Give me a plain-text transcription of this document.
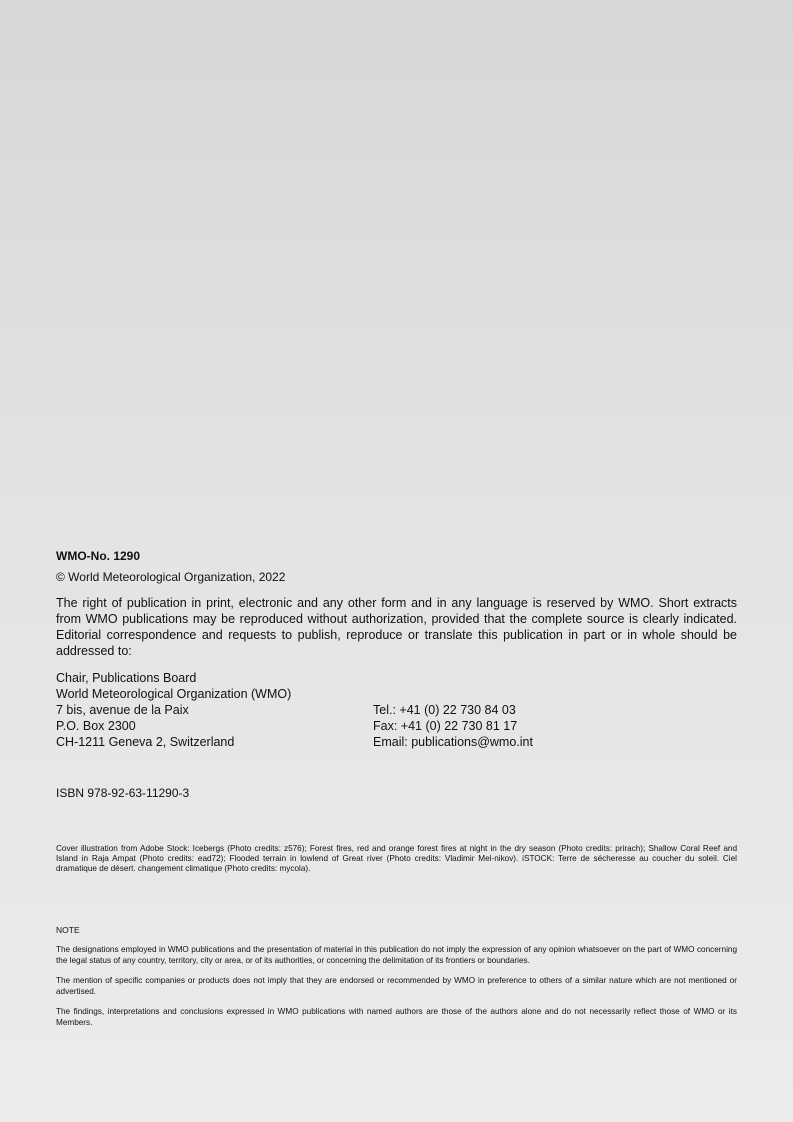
WMO-No. 1290

© World Meteorological Organization, 2022

The right of publication in print, electronic and any other form and in any language is reserved by WMO. Short extracts from WMO publications may be reproduced without authorization, provided that the complete source is clearly indicated. Editorial correspondence and requests to publish, reproduce or translate this publication in part or in whole should be addressed to:

Chair, Publications Board
World Meteorological Organization (WMO)
7 bis, avenue de la Paix	Tel.: +41 (0) 22 730 84 03
P.O. Box 2300	Fax: +41 (0) 22 730 81 17
CH-1211 Geneva 2, Switzerland	Email: publications@wmo.int

ISBN 978-92-63-11290-3

Cover illustration from Adobe Stock: Icebergs (Photo credits: z576); Forest fires, red and orange forest fires at night in the dry season (Photo credits: prirach); Shallow Coral Reef and Island in Raja Ampat (Photo credits: ead72); Flooded terrain in lowlend of Great river (Photo credits: Vladimir Mel-nikov). iSTOCK: Terre de sécheresse au coucher du soleil. Ciel dramatique de désert. changement climatique (Photo credits: mycola).

NOTE

The designations employed in WMO publications and the presentation of material in this publication do not imply the expression of any opinion whatsoever on the part of WMO concerning the legal status of any country, territory, city or area, or of its authorities, or concerning the delimitation of its frontiers or boundaries.

The mention of specific companies or products does not imply that they are endorsed or recommended by WMO in preference to others of a similar nature which are not mentioned or advertised.

The findings, interpretations and conclusions expressed in WMO publications with named authors are those of the authors alone and do not necessarily reflect those of WMO or its Members.
